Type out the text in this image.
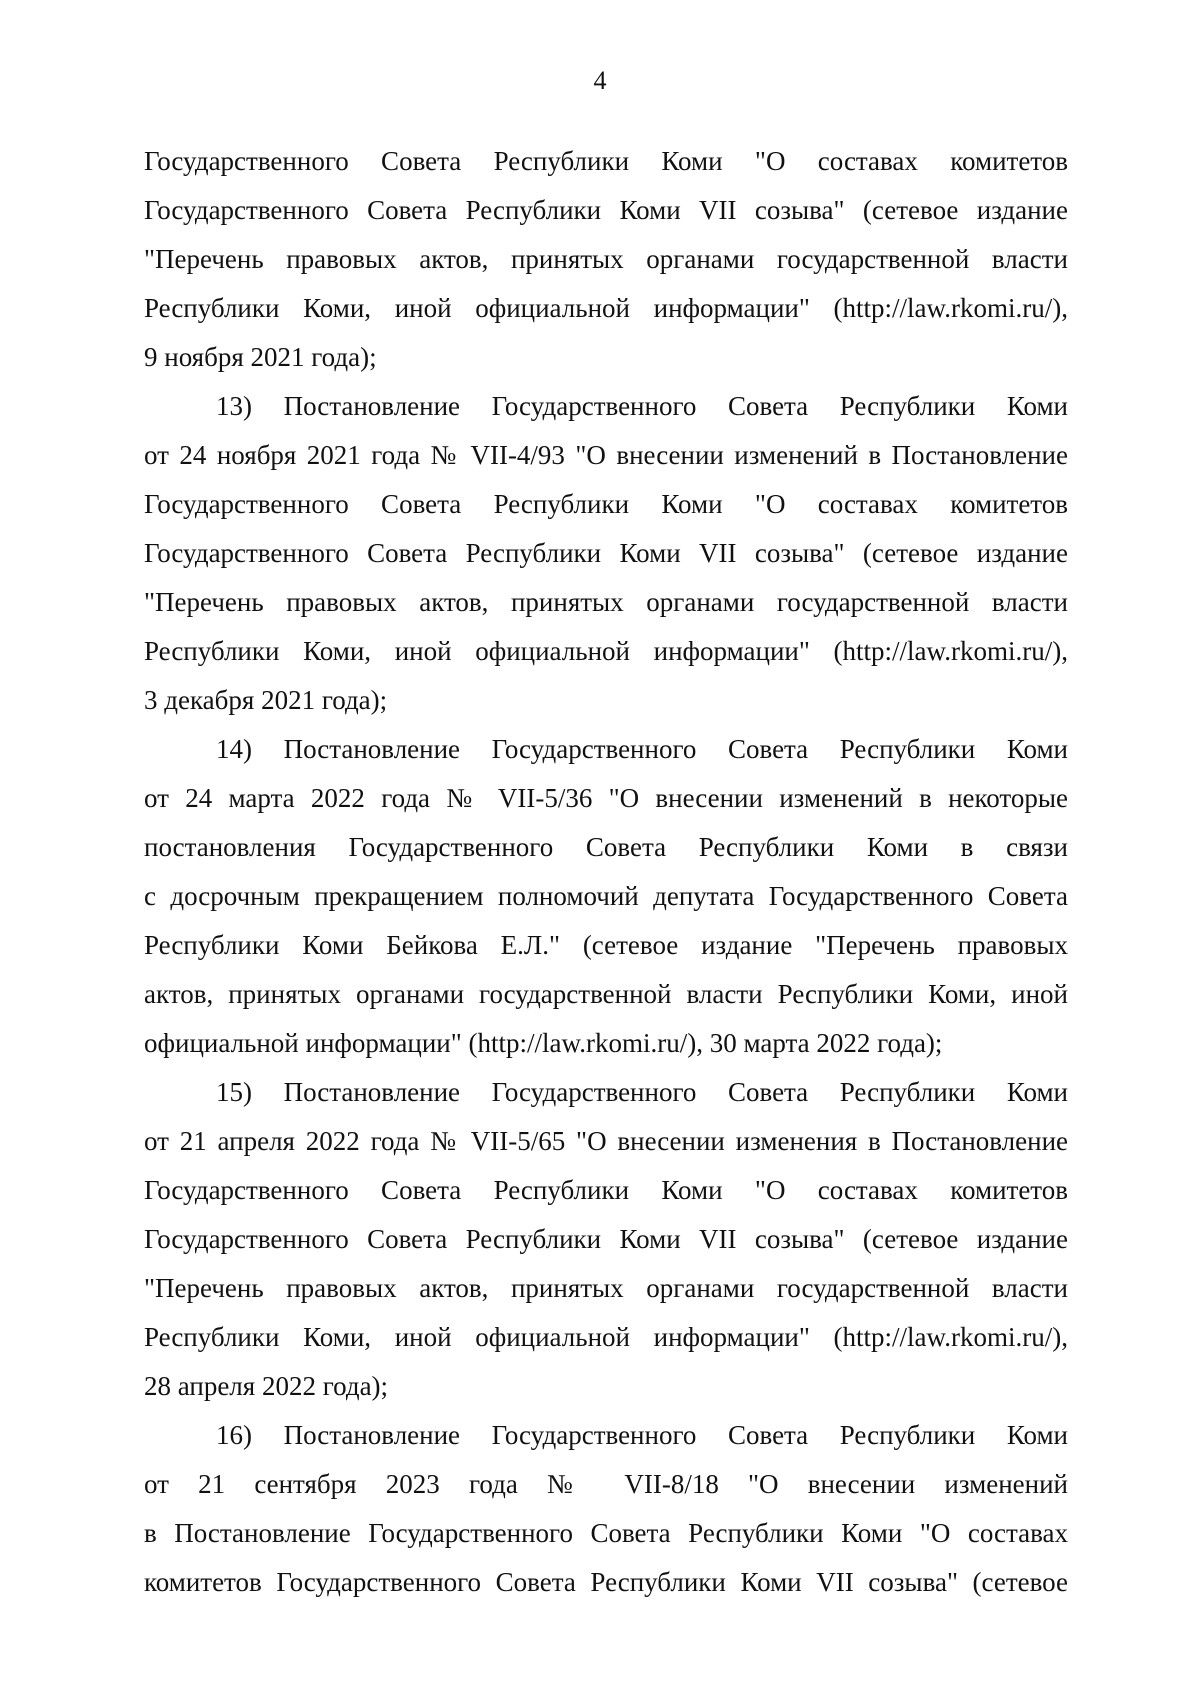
4
Государственного Совета Республики Коми "О составах комитетов
Государственного Совета Республики Коми VII созыва" (сетевое издание
"Перечень правовых актов, принятых органами государственной власти
Республики Коми, иной официальной информации" (http://law.rkomi.ru/),
9 ноября 2021 года);
13) Постановление Государственного Совета Республики Коми
от 24 ноября 2021 года № VII-4/93 "О внесении изменений в Постановление
Государственного Совета Республики Коми "О составах комитетов
Государственного Совета Республики Коми VII созыва" (сетевое издание
"Перечень правовых актов, принятых органами государственной власти
Республики Коми, иной официальной информации" (http://law.rkomi.ru/),
3 декабря 2021 года);
14) Постановление Государственного Совета Республики Коми
от 24 марта 2022 года № VII-5/36 "О внесении изменений в некоторые
постановления Государственного Совета Республики Коми в связи
с досрочным прекращением полномочий депутата Государственного Совета
Республики Коми Бейкова Е.Л." (сетевое издание "Перечень правовых
актов, принятых органами государственной власти Республики Коми, иной
официальной информации" (http://law.rkomi.ru/), 30 марта 2022 года);
15) Постановление Государственного Совета Республики Коми
от 21 апреля 2022 года № VII-5/65 "О внесении изменения в Постановление
Государственного Совета Республики Коми "О составах комитетов
Государственного Совета Республики Коми VII созыва" (сетевое издание
"Перечень правовых актов, принятых органами государственной власти
Республики Коми, иной официальной информации" (http://law.rkomi.ru/),
28 апреля 2022 года);
16) Постановление Государственного Совета Республики Коми
от 21 сентября 2023 года № VII-8/18 "О внесении изменений
в Постановление Государственного Совета Республики Коми "О составах
комитетов Государственного Совета Республики Коми VII созыва" (сетевое
